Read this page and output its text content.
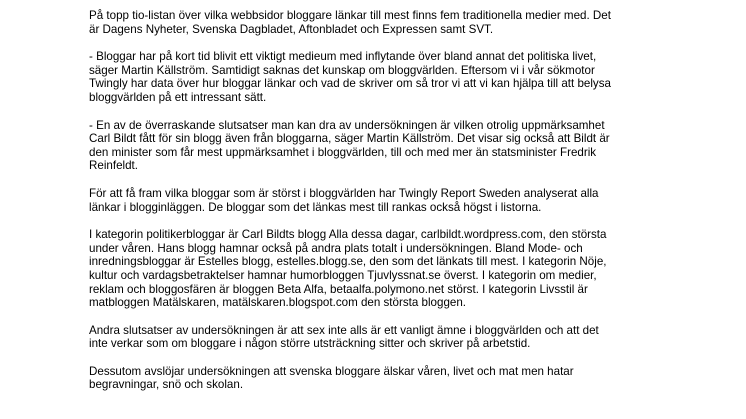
På topp tio-listan över vilka webbsidor bloggare länkar till mest finns fem traditionella medier med. Det
är Dagens Nyheter, Svenska Dagbladet, Aftonbladet och Expressen samt SVT.

- Bloggar har på kort tid blivit ett viktigt medieum med inflytande över bland annat det politiska livet,
säger Martin Källström. Samtidigt saknas det kunskap om bloggvärlden. Eftersom vi i vår sökmotor
Twingly har data över hur bloggar länkar och vad de skriver om så tror vi att vi kan hjälpa till att belysa
bloggvärlden på ett intressant sätt.

- En av de överraskande slutsatser man kan dra av undersökningen är vilken otrolig uppmärksamhet
Carl Bildt fått för sin blogg även från bloggarna, säger Martin Källström. Det visar sig också att Bildt är
den minister som får mest uppmärksamhet i bloggvärlden, till och med mer än statsminister Fredrik
Reinfeldt.

För att få fram vilka bloggar som är störst i bloggvärlden har Twingly Report Sweden analyserat alla
länkar i blogginläggen. De bloggar som det länkas mest till rankas också högst i listorna.

I kategorin politikerbloggar är Carl Bildts blogg Alla dessa dagar, carlbildt.wordpress.com, den största
under våren. Hans blogg hamnar också på andra plats totalt i undersökningen. Bland Mode- och
inredningsbloggar är Estelles blogg, estelles.blogg.se, den som det länkats till mest. I kategorin Nöje,
kultur och vardagsbetraktelser hamnar humorbloggen Tjuvlyssnat.se överst. I kategorin om medier,
reklam och bloggosfären är bloggen Beta Alfa, betaalfa.polymono.net störst. I kategorin Livsstil är
matbloggen Matälskaren, matälskaren.blogspot.com den största bloggen.

Andra slutsatser av undersökningen är att sex inte alls är ett vanligt ämne i bloggvärlden och att det
inte verkar som om bloggare i någon större utsträckning sitter och skriver på arbetstid.

Dessutom avslöjar undersökningen att svenska bloggare älskar våren, livet och mat men hatar
begravningar, snö och skolan.
